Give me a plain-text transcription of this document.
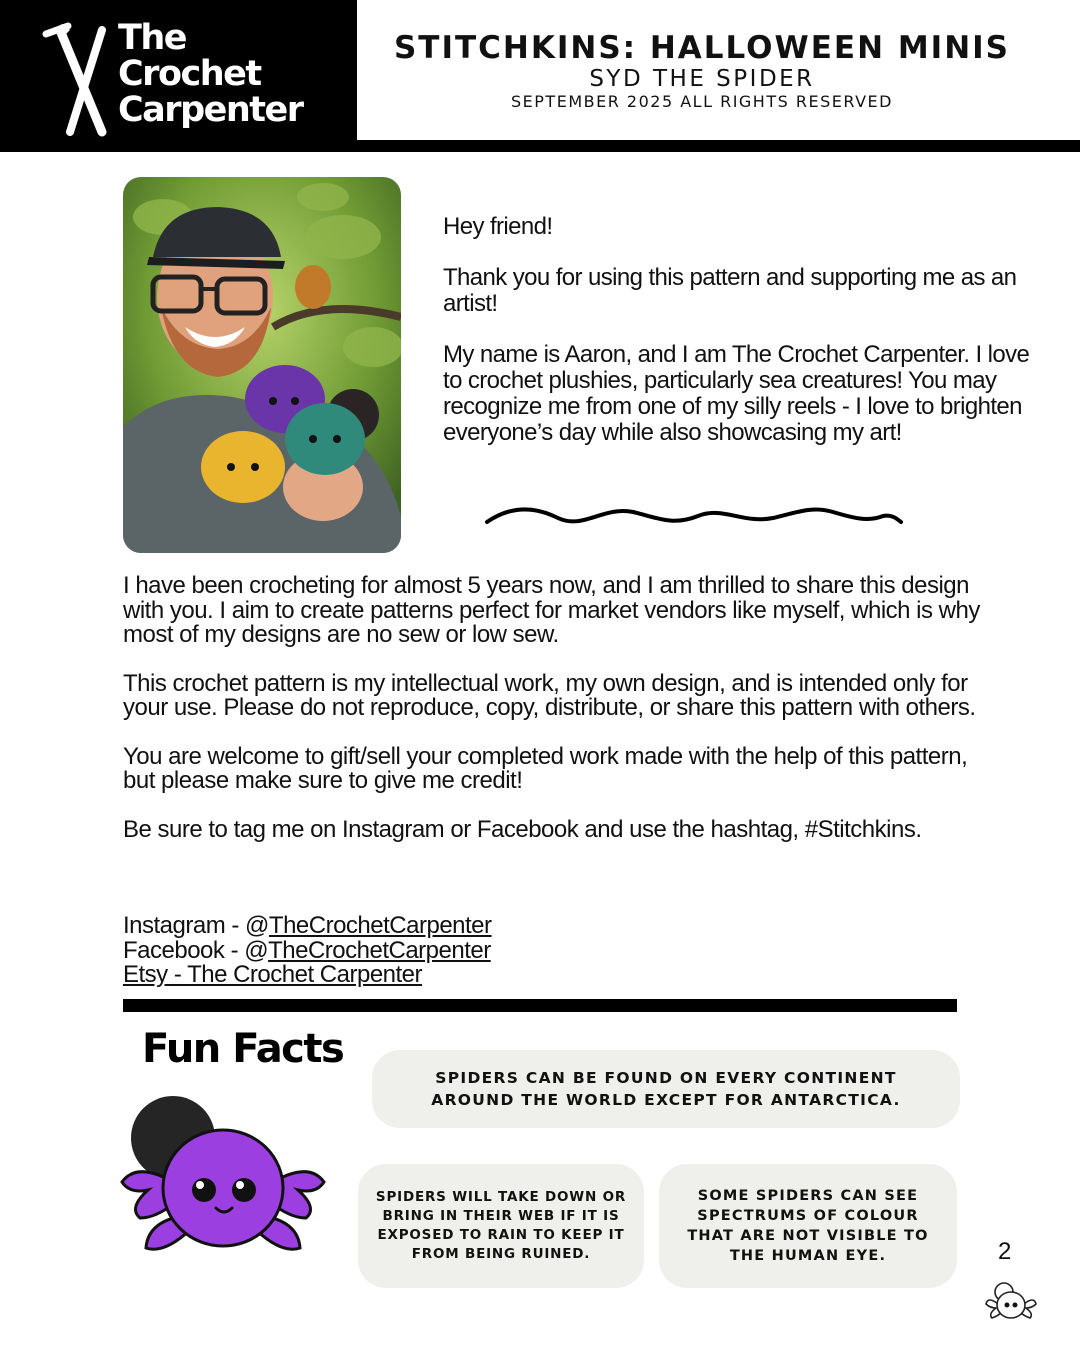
The
Crochet
Carpenter
STITCHKINS: HALLOWEEN MINIS
SYD THE SPIDER
SEPTEMBER 2025 ALL RIGHTS RESERVED

Hey friend!

Thank you for using this pattern and supporting me as an artist!

My name is Aaron, and I am The Crochet Carpenter. I love to crochet plushies, particularly sea creatures! You may recognize me from one of my silly reels - I love to brighten everyone’s day while also showcasing my art!

I have been crocheting for almost 5 years now, and I am thrilled to share this design with you. I aim to create patterns perfect for market vendors like myself, which is why most of my designs are no sew or low sew.

This crochet pattern is my intellectual work, my own design, and is intended only for your use. Please do not reproduce, copy, distribute, or share this pattern with others.

You are welcome to gift/sell your completed work made with the help of this pattern, but please make sure to give me credit!

Be sure to tag me on Instagram or Facebook and use the hashtag, #Stitchkins.

Instagram - @TheCrochetCarpenter
Facebook - @TheCrochetCarpenter
Etsy - The Crochet Carpenter
Fun Facts
SPIDERS CAN BE FOUND ON EVERY CONTINENT AROUND THE WORLD EXCEPT FOR ANTARCTICA.
SPIDERS WILL TAKE DOWN OR BRING IN THEIR WEB IF IT IS EXPOSED TO RAIN TO KEEP IT FROM BEING RUINED.
SOME SPIDERS CAN SEE SPECTRUMS OF COLOUR THAT ARE NOT VISIBLE TO THE HUMAN EYE.	2
